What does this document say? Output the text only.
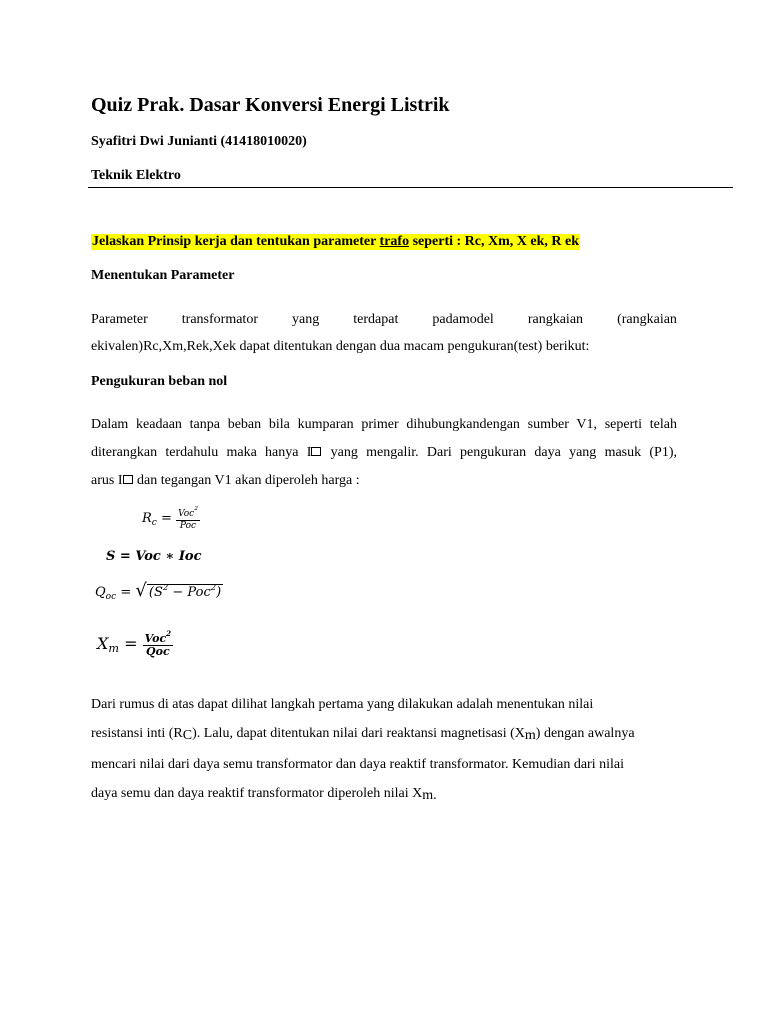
Quiz Prak. Dasar Konversi Energi Listrik
Syafitri Dwi Junianti (41418010020)
Teknik Elektro
Jelaskan Prinsip kerja dan tentukan parameter trafo seperti : Rc, Xm, X ek, R ek
Menentukan Parameter
Parameter transformator yang terdapat padamodel rangkaian (rangkaian
ekivalen)Rc,Xm,Rek,Xek dapat ditentukan dengan dua macam pengukuran(test) berikut:
Pengukuran beban nol
Dalam keadaan tanpa beban bila kumparan primer dihubungkandengan sumber V1, seperti telah
diterangkan terdahulu maka hanya I yang mengalir. Dari pengukuran daya yang masuk (P1),
arus I dan tegangan V1 akan diperoleh harga :
$R_c = \frac{Voc^2}{\text{Poc}}$
S = Voc ∗ Ioc
$Q_{oc}$ = √ $(S^2 - Poc^2)$
$X_m = \frac{Voc^2}{\text{Qoc}}$
Dari rumus di atas dapat dilihat langkah pertama yang dilakukan adalah menentukan nilai
resistansi inti (RC). Lalu, dapat ditentukan nilai dari reaktansi magnetisasi (Xm) dengan awalnya
mencari nilai dari daya semu transformator dan daya reaktif transformator. Kemudian dari nilai
daya semu dan daya reaktif transformator diperoleh nilai Xm.
